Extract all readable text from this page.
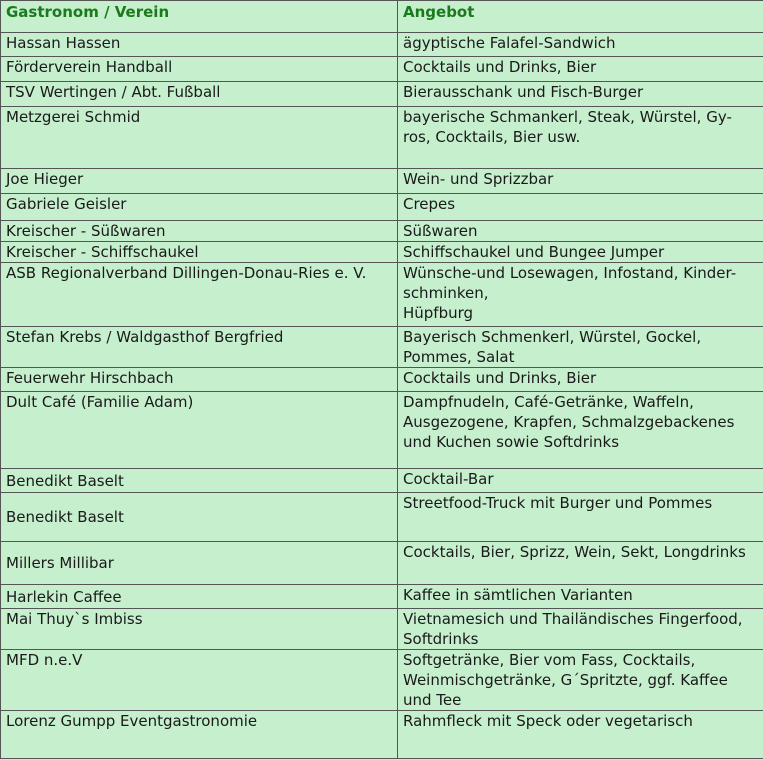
Gastronom / Verein	Angebot
Hassan Hassen	ägyptische Falafel-Sandwich
Förderverein Handball	Cocktails und Drinks, Bier
TSV Wertingen / Abt. Fußball	Bierausschank und Fisch-Burger
Metzgerei Schmid	bayerische Schmankerl, Steak, Würstel, Gy-
ros, Cocktails, Bier usw.
Joe Hieger	Wein- und Sprizzbar
Gabriele Geisler	Crepes
Kreischer - Süßwaren	Süßwaren
Kreischer - Schiffschaukel	Schiffschaukel und Bungee Jumper
ASB Regionalverband Dillingen-Donau-Ries e. V.	Wünsche-und Losewagen, Infostand, Kinder-
schminken,
Hüpfburg
Stefan Krebs / Waldgasthof Bergfried	Bayerisch Schmenkerl, Würstel, Gockel,
Pommes, Salat
Feuerwehr Hirschbach	Cocktails und Drinks, Bier
Dult Café (Familie Adam)	Dampfnudeln, Café-Getränke, Waffeln,
Ausgezogene, Krapfen, Schmalzgebackenes
und Kuchen sowie Softdrinks
Benedikt Baselt	Cocktail-Bar
Benedikt Baselt	Streetfood-Truck mit Burger und Pommes
Millers Millibar	Cocktails, Bier, Sprizz, Wein, Sekt, Longdrinks
Harlekin Caffee	Kaffee in sämtlichen Varianten
Mai Thuy`s Imbiss	Vietnamesich und Thailändisches Fingerfood,
Softdrinks
MFD n.e.V	Softgetränke, Bier vom Fass, Cocktails,
Weinmischgetränke, G´Spritzte, ggf. Kaffee
und Tee
Lorenz Gumpp Eventgastronomie	Rahmfleck mit Speck oder vegetarisch
